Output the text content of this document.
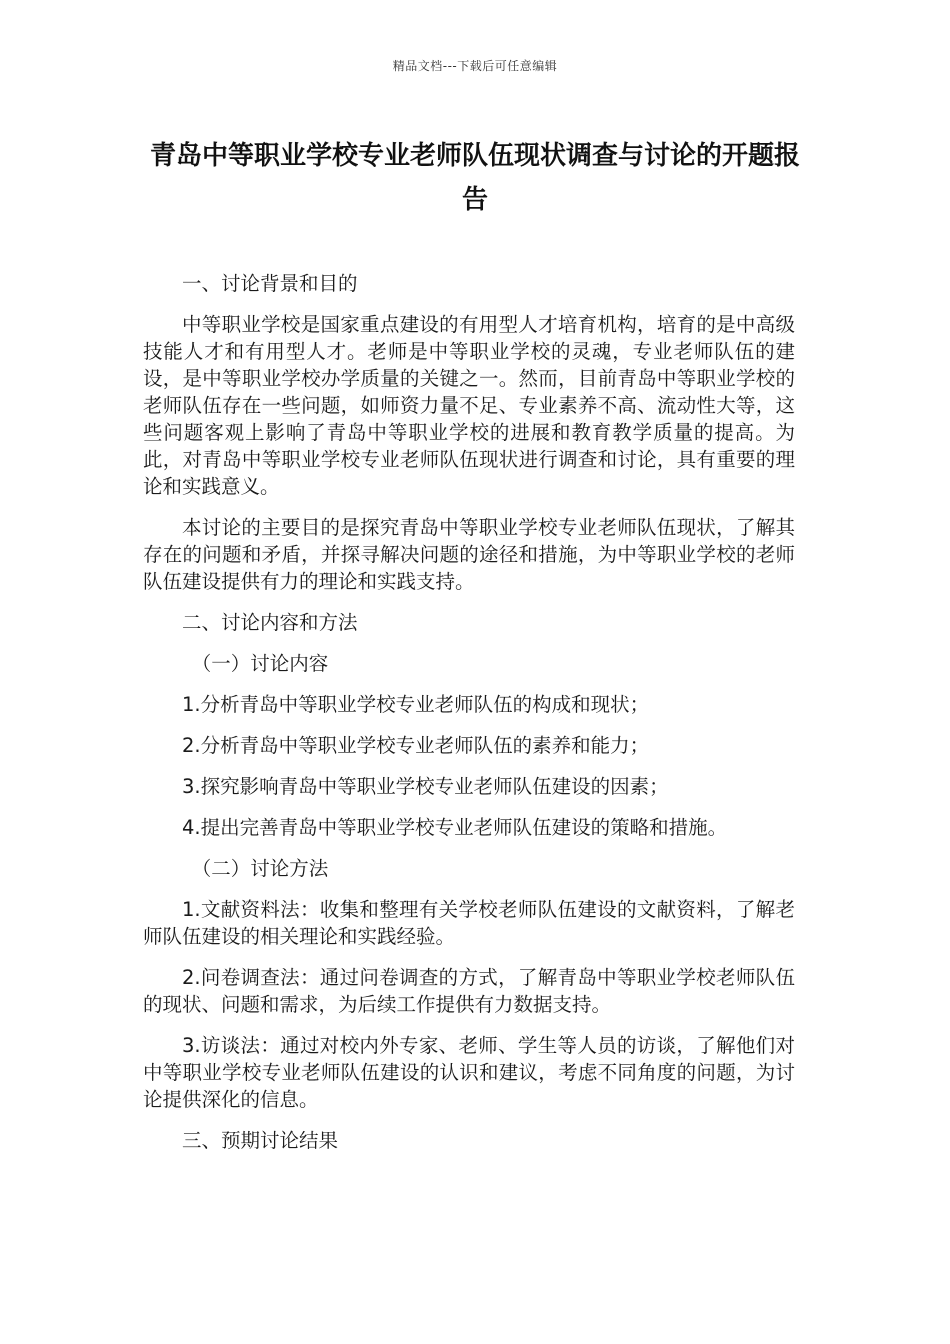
精品文档---下载后可任意编辑
青岛中等职业学校专业老师队伍现状调查与讨论的开题报告

一、讨论背景和目的

中等职业学校是国家重点建设的有用型人才培育机构，培育的是中高级技能人才和有用型人才。老师是中等职业学校的灵魂，专业老师队伍的建设，是中等职业学校办学质量的关键之一。然而，目前青岛中等职业学校的老师队伍存在一些问题，如师资力量不足、专业素养不高、流动性大等，这些问题客观上影响了青岛中等职业学校的进展和教育教学质量的提高。为此，对青岛中等职业学校专业老师队伍现状进行调查和讨论，具有重要的理论和实践意义。

本讨论的主要目的是探究青岛中等职业学校专业老师队伍现状，了解其存在的问题和矛盾，并探寻解决问题的途径和措施，为中等职业学校的老师队伍建设提供有力的理论和实践支持。

二、讨论内容和方法

（一）讨论内容

1.分析青岛中等职业学校专业老师队伍的构成和现状；

2.分析青岛中等职业学校专业老师队伍的素养和能力；

3.探究影响青岛中等职业学校专业老师队伍建设的因素；

4.提出完善青岛中等职业学校专业老师队伍建设的策略和措施。

（二）讨论方法

1.文献资料法：收集和整理有关学校老师队伍建设的文献资料，了解老师队伍建设的相关理论和实践经验。

2.问卷调查法：通过问卷调查的方式，了解青岛中等职业学校老师队伍的现状、问题和需求，为后续工作提供有力数据支持。

3.访谈法：通过对校内外专家、老师、学生等人员的访谈，了解他们对中等职业学校专业老师队伍建设的认识和建议，考虑不同角度的问题，为讨论提供深化的信息。

三、预期讨论结果
